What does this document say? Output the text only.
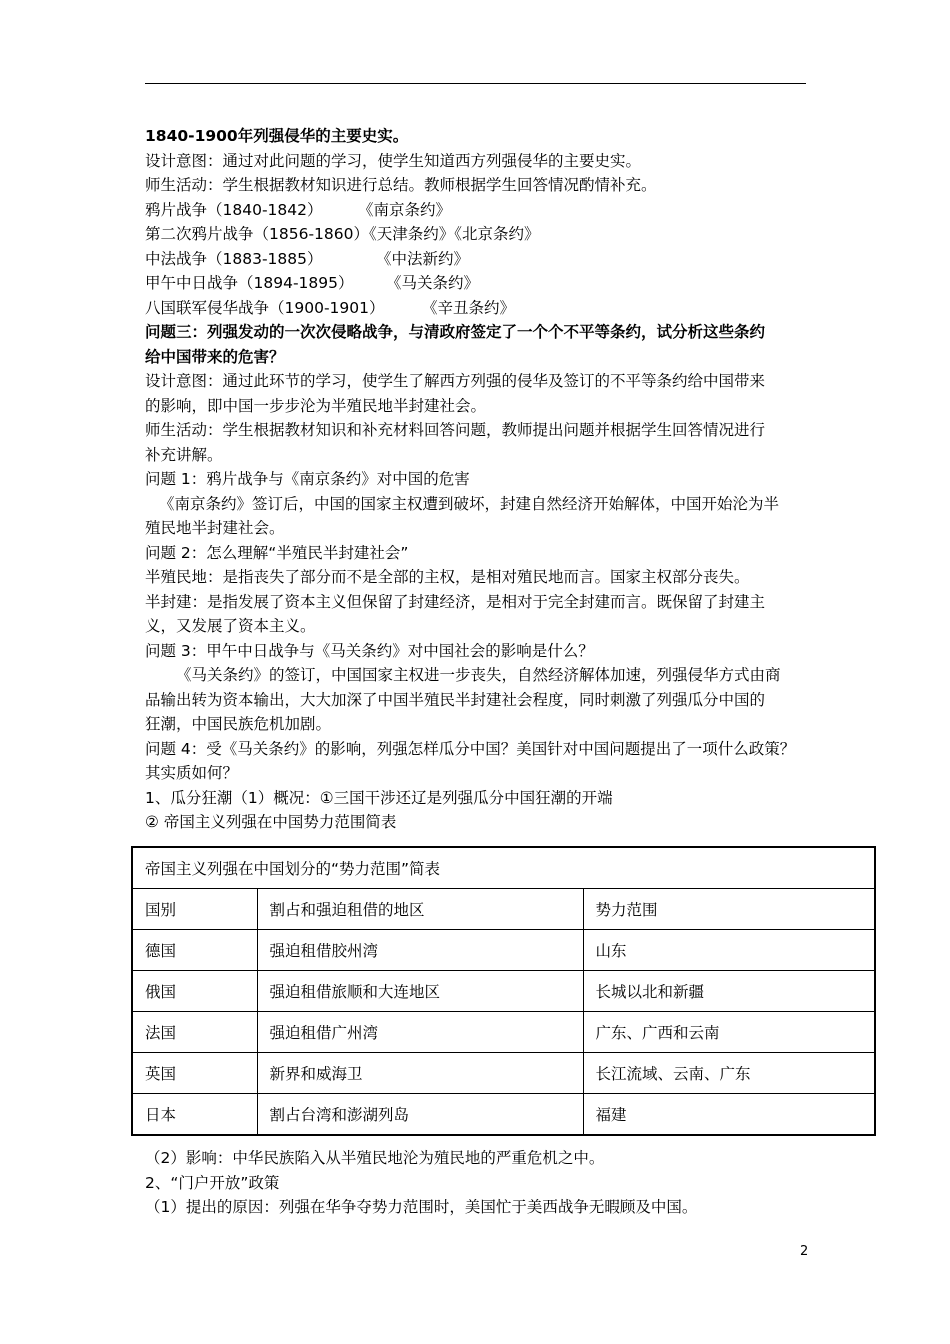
1840-1900年列强侵华的主要史实。
设计意图：通过对此问题的学习，使学生知道西方列强侵华的主要史实。
师生活动：学生根据教材知识进行总结。教师根据学生回答情况酌情补充。
鸦片战争（1840-1842） 《南京条约》
第二次鸦片战争（1856-1860）《天津条约》《北京条约》
中法战争（1883-1885）	《中法新约》
甲午中日战争（1894-1895） 《马关条约》
八国联军侵华战争（1900-1901） 《辛丑条约》
问题三：列强发动的一次次侵略战争，与清政府签定了一个个不平等条约，试分析这些条约
给中国带来的危害？
设计意图：通过此环节的学习，使学生了解西方列强的侵华及签订的不平等条约给中国带来
的影响，即中国一步步沦为半殖民地半封建社会。
师生活动：学生根据教材知识和补充材料回答问题，教师提出问题并根据学生回答情况进行
补充讲解。
问题 1：鸦片战争与《南京条约》对中国的危害
《南京条约》签订后，中国的国家主权遭到破坏，封建自然经济开始解体，中国开始沦为半
殖民地半封建社会。
问题 2：怎么理解“半殖民半封建社会”
半殖民地：是指丧失了部分而不是全部的主权，是相对殖民地而言。国家主权部分丧失。
半封建：是指发展了资本主义但保留了封建经济，是相对于完全封建而言。既保留了封建主
义，又发展了资本主义。
问题 3：甲午中日战争与《马关条约》对中国社会的影响是什么？
《马关条约》的签订，中国国家主权进一步丧失，自然经济解体加速，列强侵华方式由商
品输出转为资本输出，大大加深了中国半殖民半封建社会程度，同时刺激了列强瓜分中国的
狂潮，中国民族危机加剧。
问题 4：受《马关条约》的影响，列强怎样瓜分中国？美国针对中国问题提出了一项什么政策？
其实质如何？
1、瓜分狂潮（1）概况：①三国干涉还辽是列强瓜分中国狂潮的开端
② 帝国主义列强在中国势力范围简表
帝国主义列强在中国划分的“势力范围”简表		
国别	割占和强迫租借的地区	势力范围
德国	强迫租借胶州湾	山东
俄国	强迫租借旅顺和大连地区	长城以北和新疆
法国	强迫租借广州湾	广东、广西和云南
英国	新界和威海卫	长江流域、云南、广东
日本	割占台湾和澎湖列岛	福建
（2）影响：中华民族陷入从半殖民地沦为殖民地的严重危机之中。
2、“门户开放”政策
（1）提出的原因：列强在华争夺势力范围时，美国忙于美西战争无暇顾及中国。
2
